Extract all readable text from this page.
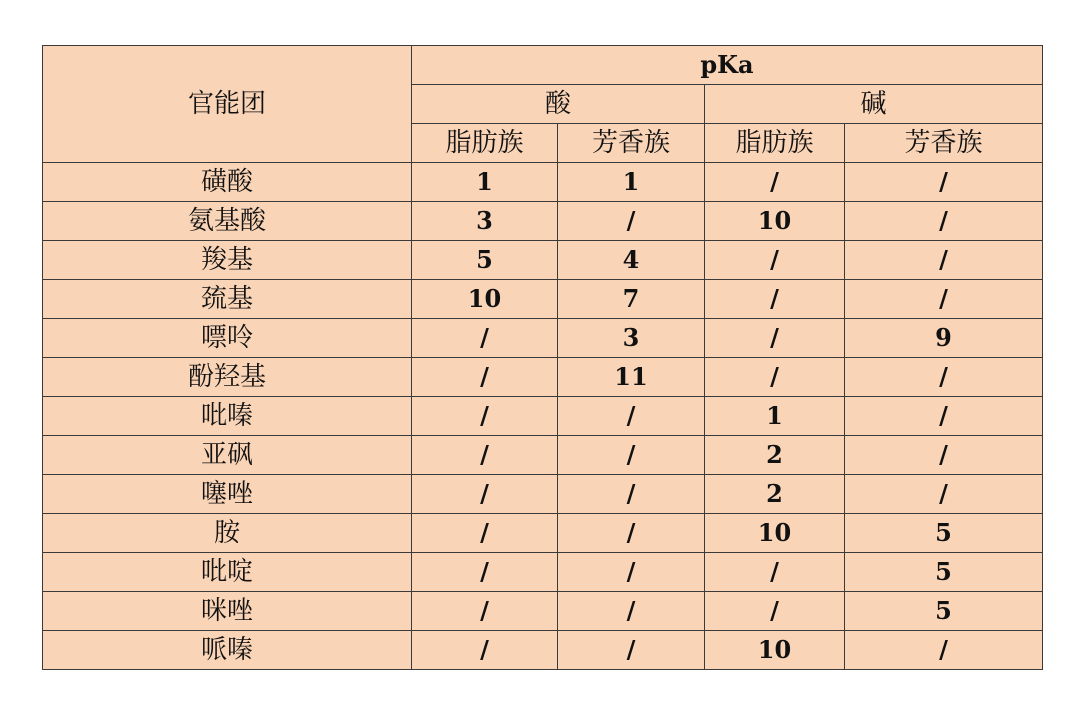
官能团	pKa			
	酸		碱	
	脂肪族	芳香族	脂肪族	芳香族
磺酸	1	1	/	/
氨基酸	3	/	10	/
羧基	5	4	/	/
巯基	10	7	/	/
嘌呤	/	3	/	9
酚羟基	/	11	/	/
吡嗪	/	/	1	/
亚砜	/	/	2	/
噻唑	/	/	2	/
胺	/	/	10	5
吡啶	/	/	/	5
咪唑	/	/	/	5
哌嗪	/	/	10	/
